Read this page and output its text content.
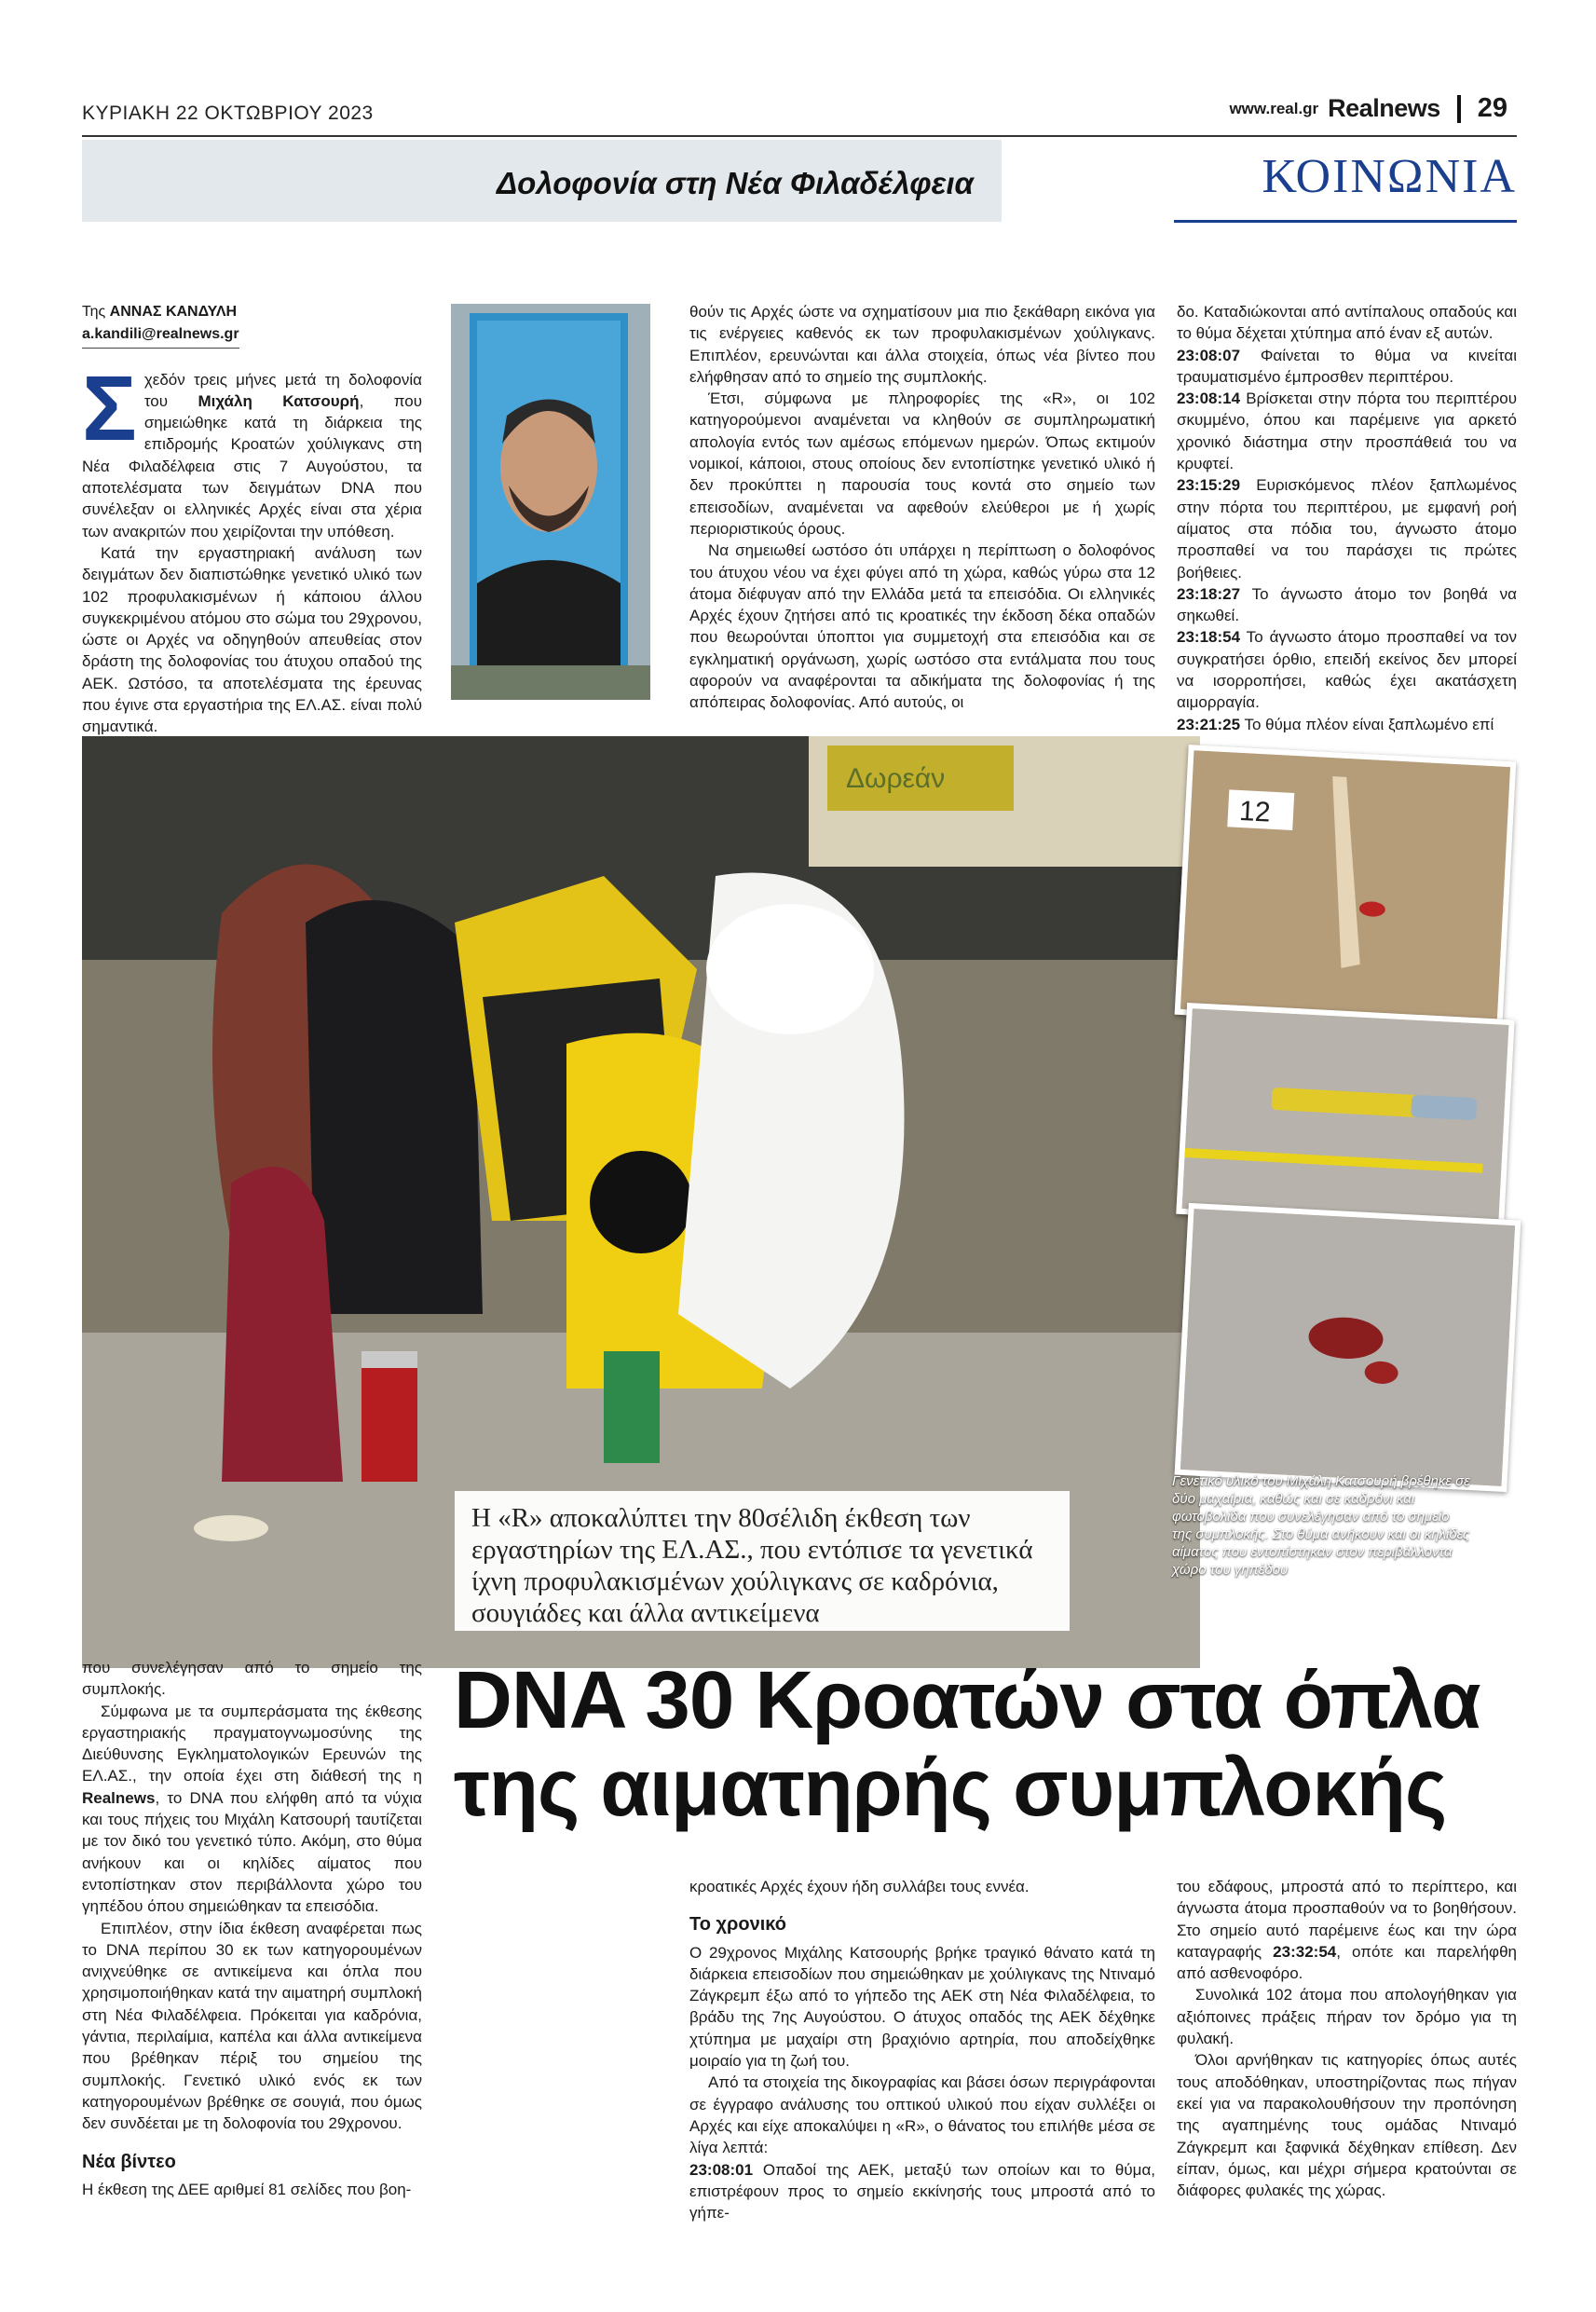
ΚΥΡΙΑΚΗ 22 ΟΚΤΩΒΡΙΟΥ 2023	www.real.gr Realnews 29
Δολοφονία στη Νέα Φιλαδέλφεια	ΚΟΙΝΩΝΙΑ
Της ΑΝΝΑΣ ΚΑΝΔΥΛΗ
a.kandili@realnews.gr

Σχεδόν τρεις μήνες μετά τη δολοφονία του Μιχάλη Κατσουρή, που σημειώθηκε κατά τη διάρκεια της επιδρομής Κροατών χούλιγκανς στη Νέα Φιλαδέλφεια στις 7 Αυγούστου, τα αποτελέσματα των δειγμάτων DNA που συνέλεξαν οι ελληνικές Αρχές είναι στα χέρια των ανακριτών που χειρίζονται την υπόθεση.

Κατά την εργαστηριακή ανάλυση των δειγμάτων δεν διαπιστώθηκε γενετικό υλικό των 102 προφυλακισμένων ή κάποιου άλλου συγκεκριμένου ατόμου στο σώμα του 29χρονου, ώστε οι Αρχές να οδηγηθούν απευθείας στον δράστη της δολοφονίας του άτυχου οπαδού της ΑΕΚ. Ωστόσο, τα αποτελέσματα της έρευνας που έγινε στα εργαστήρια της ΕΛ.ΑΣ. είναι πολύ σημαντικά.

θούν τις Αρχές ώστε να σχηματίσουν μια πιο ξεκάθαρη εικόνα για τις ενέργειες καθενός εκ των προφυλακισμένων χούλιγκανς. Επιπλέον, ερευνώνται και άλλα στοιχεία, όπως νέα βίντεο που ελήφθησαν από το σημείο της συμπλοκής.

Έτσι, σύμφωνα με πληροφορίες της «R», οι 102 κατηγορούμενοι αναμένεται να κληθούν σε συμπληρωματική απολογία εντός των αμέσως επόμενων ημερών. Όπως εκτιμούν νομικοί, κάποιοι, στους οποίους δεν εντοπίστηκε γενετικό υλικό ή δεν προκύπτει η παρουσία τους κοντά στο σημείο των επεισοδίων, αναμένεται να αφεθούν ελεύθεροι με ή χωρίς περιοριστικούς όρους.

Να σημειωθεί ωστόσο ότι υπάρχει η περίπτωση ο δολοφόνος του άτυχου νέου να έχει φύγει από τη χώρα, καθώς γύρω στα 12 άτομα διέφυγαν από την Ελλάδα μετά τα επεισόδια. Οι ελληνικές Αρχές έχουν ζητήσει από τις κροατικές την έκδοση δέκα οπαδών που θεωρούνται ύποπτοι για συμμετοχή στα επεισόδια και σε εγκληματική οργάνωση, χωρίς ωστόσο στα εντάλματα που τους αφορούν να αναφέρονται τα αδικήματα της δολοφονίας ή της απόπειρας δολοφονίας. Από αυτούς, οι

δο. Καταδιώκονται από αντίπαλους οπαδούς και το θύμα δέχεται χτύπημα από έναν εξ αυτών.

23:08:07 Φαίνεται το θύμα να κινείται τραυματισμένο έμπροσθεν περιπτέρου.

23:08:14 Βρίσκεται στην πόρτα του περιπτέρου σκυμμένο, όπου και παρέμεινε για αρκετό χρονικό διάστημα στην προσπάθειά του να κρυφτεί.

23:15:29 Ευρισκόμενος πλέον ξαπλωμένος στην πόρτα του περιπτέρου, με εμφανή ροή αίματος στα πόδια του, άγνωστο άτομο προσπαθεί να του παράσχει τις πρώτες βοήθειες.

23:18:27 Το άγνωστο άτομο τον βοηθά να σηκωθεί.

23:18:54 Το άγνωστο άτομο προσπαθεί να τον συγκρατήσει όρθιο, επειδή εκείνος δεν μπορεί να ισορροπήσει, καθώς έχει ακατάσχετη αιμορραγία.

23:21:25 Το θύμα πλέον είναι ξαπλωμένο επί

Δωρεάν
12
Η «R» αποκαλύπτει την 80σέλιδη έκθεση των εργαστηρίων της ΕΛ.ΑΣ., που εντόπισε τα γενετικά ίχνη προφυλακισμένων χούλιγκανς σε καδρόνια, σουγιάδες και άλλα αντικείμενα
Γενετικό υλικό του Μιχάλη Κατσουρή βρέθηκε σε δύο μαχαίρια, καθώς και σε καδρόνι και φωτοβολίδα που συνελέγησαν από το σημείο της συμπλοκής. Στο θύμα ανήκουν και οι κηλίδες αίματος που εντοπίστηκαν στον περιβάλλοντα χώρο του γηπέδου
DNA 30 Κροατών στα όπλα
της αιματηρής συμπλοκής

που συνελέγησαν από το σημείο της συμπλοκής.

Σύμφωνα με τα συμπεράσματα της έκθεσης εργαστηριακής πραγματογνωμοσύνης της Διεύθυνσης Εγκληματολογικών Ερευνών της ΕΛ.ΑΣ., την οποία έχει στη διάθεσή της η Realnews, το DNA που ελήφθη από τα νύχια και τους πήχεις του Μιχάλη Κατσουρή ταυτίζεται με τον δικό του γενετικό τύπο. Ακόμη, στο θύμα ανήκουν και οι κηλίδες αίματος που εντοπίστηκαν στον περιβάλλοντα χώρο του γηπέδου όπου σημειώθηκαν τα επεισόδια.

Επιπλέον, στην ίδια έκθεση αναφέρεται πως το DNA περίπου 30 εκ των κατηγορουμένων ανιχνεύθηκε σε αντικείμενα και όπλα που χρησιμοποιήθηκαν κατά την αιματηρή συμπλοκή στη Νέα Φιλαδέλφεια. Πρόκειται για καδρόνια, γάντια, περιλαίμια, καπέλα και άλλα αντικείμενα που βρέθηκαν πέριξ του σημείου της συμπλοκής. Γενετικό υλικό ενός εκ των κατηγορουμένων βρέθηκε σε σουγιά, που όμως δεν συνδέεται με τη δολοφονία του 29χρονου.

Νέα βίντεο

Η έκθεση της ΔΕΕ αριθμεί 81 σελίδες που βοη-

κροατικές Αρχές έχουν ήδη συλλάβει τους εννέα.

Το χρονικό

Ο 29χρονος Μιχάλης Κατσουρής βρήκε τραγικό θάνατο κατά τη διάρκεια επεισοδίων που σημειώθηκαν με χούλιγκανς της Ντιναμό Ζάγκρεμπ έξω από το γήπεδο της ΑΕΚ στη Νέα Φιλαδέλφεια, το βράδυ της 7ης Αυγούστου. Ο άτυχος οπαδός της ΑΕΚ δέχθηκε χτύπημα με μαχαίρι στη βραχιόνιο αρτηρία, που αποδείχθηκε μοιραίο για τη ζωή του.

Από τα στοιχεία της δικογραφίας και βάσει όσων περιγράφονται σε έγγραφο ανάλυσης του οπτικού υλικού που είχαν συλλέξει οι Αρχές και είχε αποκαλύψει η «R», ο θάνατος του επιλήθε μέσα σε λίγα λεπτά:

23:08:01 Οπαδοί της ΑΕΚ, μεταξύ των οποίων και το θύμα, επιστρέφουν προς το σημείο εκκίνησής τους μπροστά από το γήπε-

του εδάφους, μπροστά από το περίπτερο, και άγνωστα άτομα προσπαθούν να το βοηθήσουν. Στο σημείο αυτό παρέμεινε έως και την ώρα καταγραφής 23:32:54, οπότε και παρελήφθη από ασθενοφόρο.

Συνολικά 102 άτομα που απολογήθηκαν για αξιόποινες πράξεις πήραν τον δρόμο για τη φυλακή.

Όλοι αρνήθηκαν τις κατηγορίες όπως αυτές τους αποδόθηκαν, υποστηρίζοντας πως πήγαν εκεί για να παρακολουθήσουν την προπόνηση της αγαπημένης τους ομάδας Ντιναμό Ζάγκρεμπ και ξαφνικά δέχθηκαν επίθεση. Δεν είπαν, όμως, και μέχρι σήμερα κρατούνται σε διάφορες φυλακές της χώρας.
